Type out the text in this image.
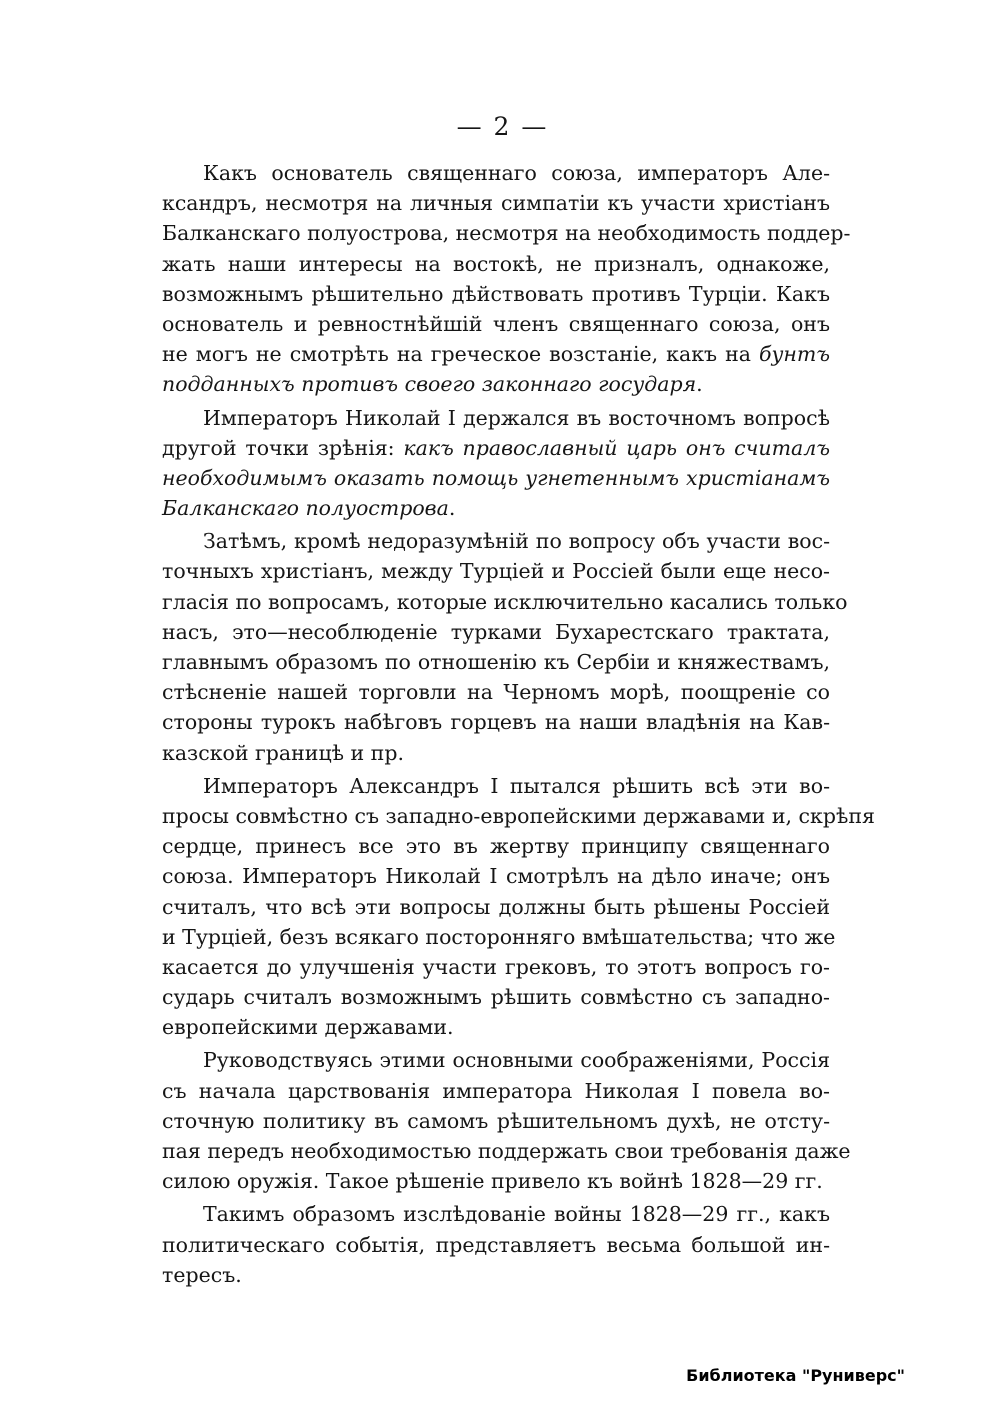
— 2 —
Какъ основатель священнаго союза, императоръ Але-
ксандръ, несмотря на личныя симпатіи къ участи христіанъ
Балканскаго полуострова, несмотря на необходимость поддер-
жать наши интересы на востокѣ, не призналъ, однакоже,
возможнымъ рѣшительно дѣйствовать противъ Турціи. Какъ
основатель и ревностнѣйшій членъ священнаго союза, онъ
не могъ не смотрѣть на греческое возстаніе, какъ на бунтъ
подданныхъ противъ своего законнаго государя.
Императоръ Николай I держался въ восточномъ вопросѣ
другой точки зрѣнія: какъ православный царь онъ считалъ
необходимымъ оказать помощь угнетеннымъ христіанамъ
Балканскаго полуострова.
Затѣмъ, кромѣ недоразумѣній по вопросу объ участи вос-
точныхъ христіанъ, между Турціей и Россіей были еще несо-
гласія по вопросамъ, которые исключительно касались только
насъ, это—несоблюденіе турками Бухарестскаго трактата,
главнымъ образомъ по отношенію къ Сербіи и княжествамъ,
стѣсненіе нашей торговли на Черномъ морѣ, поощреніе со
стороны турокъ набѣговъ горцевъ на наши владѣнія на Кав-
казской границѣ и пр.
Императоръ Александръ I пытался рѣшить всѣ эти во-
просы совмѣстно съ западно-европейскими державами и, скрѣпя
сердце, принесъ все это въ жертву принципу священнаго
союза. Императоръ Николай I смотрѣлъ на дѣло иначе; онъ
считалъ, что всѣ эти вопросы должны быть рѣшены Россіей
и Турціей, безъ всякаго посторонняго вмѣшательства; что же
касается до улучшенія участи грековъ, то этотъ вопросъ го-
сударь считалъ возможнымъ рѣшить совмѣстно съ западно-
европейскими державами.
Руководствуясь этими основными соображеніями, Россія
съ начала царствованія императора Николая I повела во-
сточную политику въ самомъ рѣшительномъ духѣ, не отсту-
пая передъ необходимостью поддержать свои требованія даже
силою оружія. Такое рѣшеніе привело къ войнѣ 1828—29 гг.
Такимъ образомъ изслѣдованіе войны 1828—29 гг., какъ
политическаго событія, представляетъ весьма большой ин-
тересъ.
Библиотека "Руниверс"
